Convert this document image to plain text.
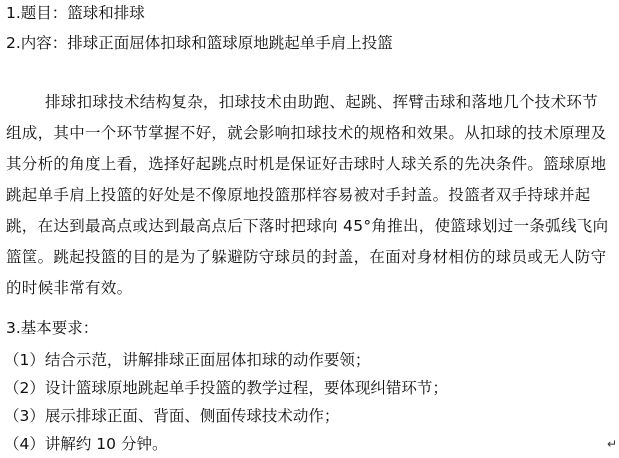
1.题目：篮球和排球
2.内容：排球正面屈体扣球和篮球原地跳起单手肩上投篮
排球扣球技术结构复杂，扣球技术由助跑、起跳、挥臂击球和落地几个技术环节组成，其中一个环节掌握不好，就会影响扣球技术的规格和效果。从扣球的技术原理及其分析的角度上看，选择好起跳点时机是保证好击球时人球关系的先决条件。篮球原地跳起单手肩上投篮的好处是不像原地投篮那样容易被对手封盖。投篮者双手持球并起跳，在达到最高点或达到最高点后下落时把球向 45°角推出，使篮球划过一条弧线飞向篮筐。跳起投篮的目的是为了躲避防守球员的封盖，在面对身材相仿的球员或无人防守的时候非常有效。
3.基本要求：
（1）结合示范，讲解排球正面屈体扣球的动作要领；
（2）设计篮球原地跳起单手投篮的教学过程，要体现纠错环节；
（3）展示排球正面、背面、侧面传球技术动作；
（4）讲解约 10 分钟。	↵
